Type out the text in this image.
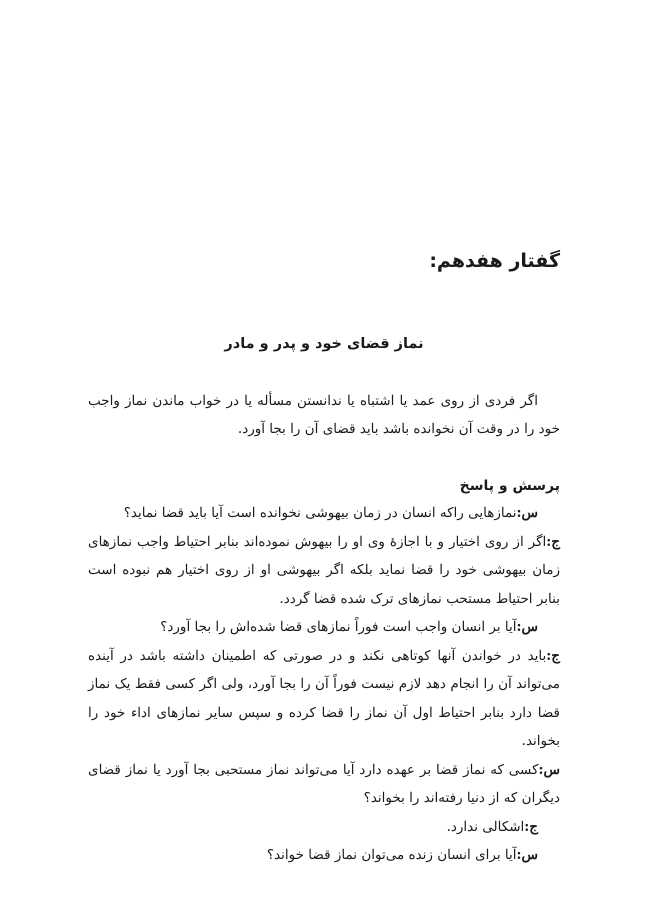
گفتار هفدهم:
نماز قضای خود و پدر و مادر

اگر فردی از روی عمد یا اشتباه یا ندانستن مسأله یا در خواب ماندن نماز واجب خود را در وقت آن نخوانده باشد باید قضای آن را بجا آورد.

پرسش و پاسخ

س:نمازهایی راکه انسان در زمان بیهوشی نخوانده است آیا باید قضا نماید؟

ج:اگر از روی اختیار و با اجازهٔ وی او را بیهوش نموده‌اند بنابر احتیاط واجب نمازهای زمان بیهوشی خود را قضا نماید بلکه اگر بیهوشی او از روی اختیار هم نبوده است بنابر احتیاط مستحب نمازهای ترک شده قضا گردد.

س:آیا بر انسان واجب است فوراً نمازهای قضا شده‌اش را بجا آورد؟

ج:باید در خواندن آنها کوتاهی نکند و در صورتی که اطمینان داشته باشد در آینده می‌تواند آن را انجام دهد لازم نیست فوراً آن را بجا آورد، ولی اگر کسی فقط یک نماز قضا دارد بنابر احتیاط اول آن نماز را قضا کرده و سپس سایر نمازهای اداء خود را بخواند.

س:کسی که نماز قضا بر عهده دارد آیا می‌تواند نماز مستحبی بجا آورد یا نماز قضای دیگران که از دنیا رفته‌اند را بخواند؟

ج:اشکالی ندارد.

س:آیا برای انسان زنده می‌توان نماز قضا خواند؟
